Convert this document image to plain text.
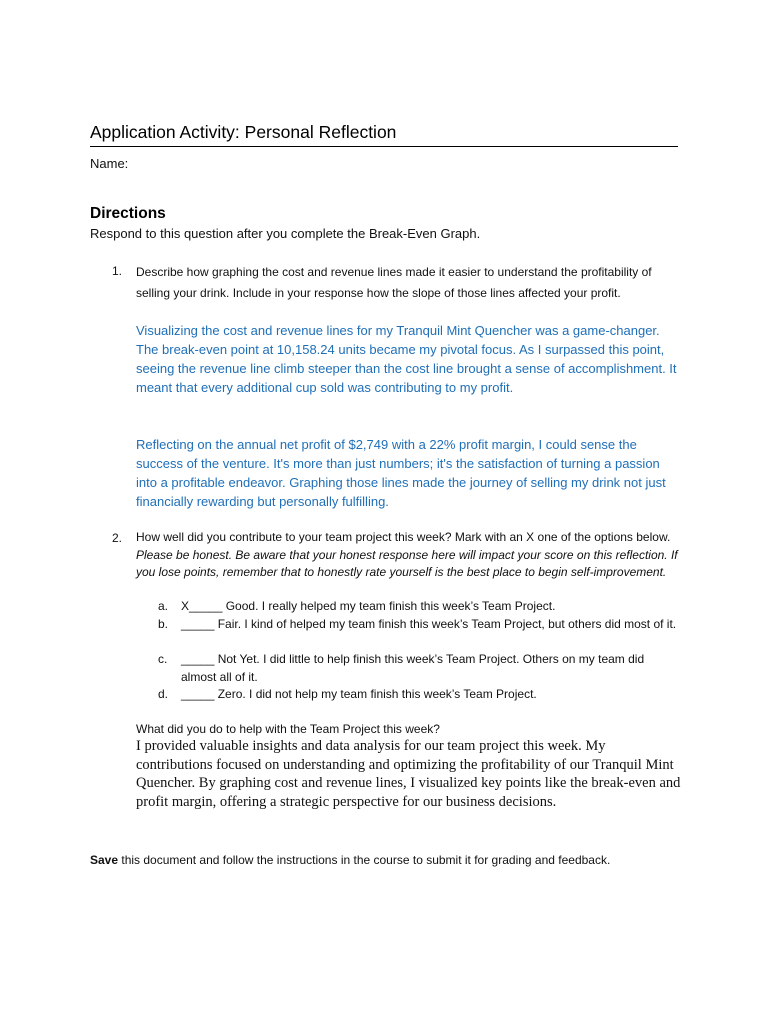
Application Activity: Personal Reflection
Name:
Directions
Respond to this question after you complete the Break-Even Graph.
1. Describe how graphing the cost and revenue lines made it easier to understand the profitability of selling your drink. Include in your response how the slope of those lines affected your profit.
Visualizing the cost and revenue lines for my Tranquil Mint Quencher was a game-changer. The break-even point at 10,158.24 units became my pivotal focus. As I surpassed this point, seeing the revenue line climb steeper than the cost line brought a sense of accomplishment. It meant that every additional cup sold was contributing to my profit.
Reflecting on the annual net profit of $2,749 with a 22% profit margin, I could sense the success of the venture. It's more than just numbers; it's the satisfaction of turning a passion into a profitable endeavor. Graphing those lines made the journey of selling my drink not just financially rewarding but personally fulfilling.
2. How well did you contribute to your team project this week? Mark with an X one of the options below. Please be honest. Be aware that your honest response here will impact your score on this reflection. If you lose points, remember that to honestly rate yourself is the best place to begin self-improvement.
a. X_____ Good. I really helped my team finish this week’s Team Project.
b. _____ Fair. I kind of helped my team finish this week’s Team Project, but others did most of it.
c. _____ Not Yet. I did little to help finish this week’s Team Project. Others on my team did almost all of it.
d. _____ Zero. I did not help my team finish this week’s Team Project.
What did you do to help with the Team Project this week?
I provided valuable insights and data analysis for our team project this week. My contributions focused on understanding and optimizing the profitability of our Tranquil Mint Quencher. By graphing cost and revenue lines, I visualized key points like the break-even and profit margin, offering a strategic perspective for our business decisions.
Save this document and follow the instructions in the course to submit it for grading and feedback.
